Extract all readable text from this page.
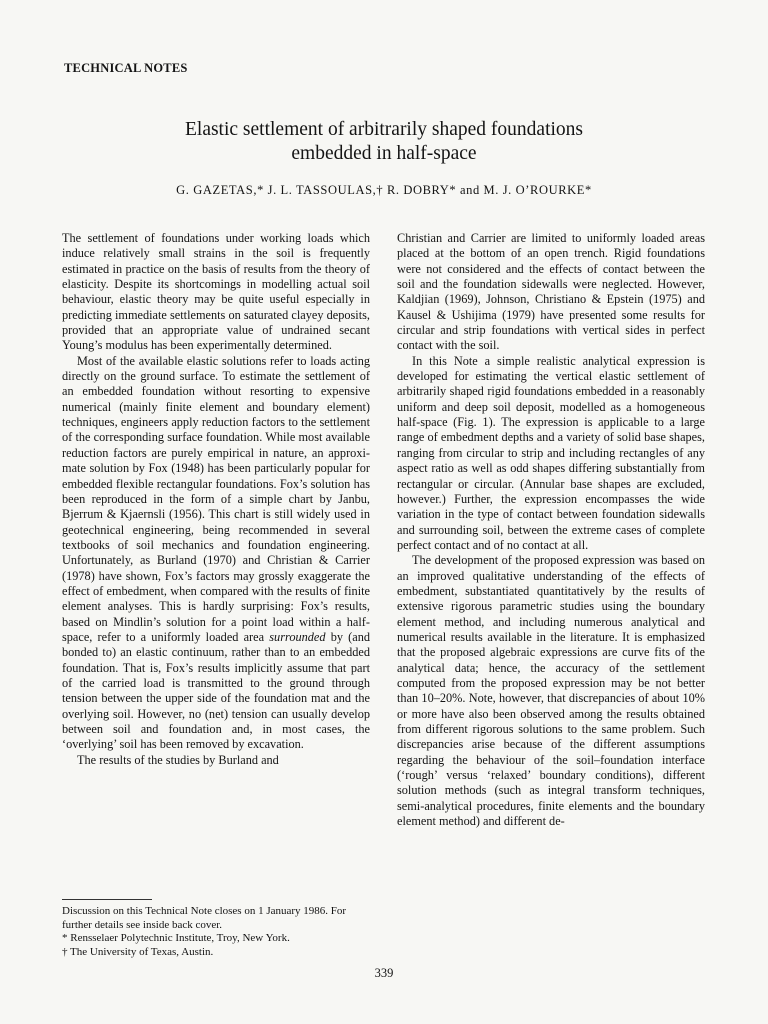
TECHNICAL NOTES
Elastic settlement of arbitrarily shaped foundations
embedded in half-space
G. GAZETAS,* J. L. TASSOULAS,† R. DOBRY* and M. J. O’ROURKE*

The settlement of foundations under working loads which induce relatively small strains in the soil is frequently estimated in practice on the basis of results from the theory of elasticity. Despite its shortcomings in modelling actual soil behaviour, elastic theory may be quite useful especially in predicting immediate settlements on saturated clayey deposits, provided that an appropriate value of undrained secant Young’s modulus has been experimentally determined.

Most of the available elastic solutions refer to loads acting directly on the ground surface. To estimate the settlement of an embedded foundation without resorting to expensive numerical (mainly finite element and boundary element) techniques, engineers apply reduction factors to the settlement of the corresponding surface foundation. While most available reduction factors are purely empirical in nature, an approximate solution by Fox (1948) has been particularly popular for embedded flexible rectangular foundations. Fox’s solution has been reproduced in the form of a simple chart by Janbu, Bjerrum & Kjaernsli (1956). This chart is still widely used in geotechnical engineering, being recommended in several textbooks of soil mechanics and foundation engineering. Unfortunately, as Burland (1970) and Christian & Carrier (1978) have shown, Fox’s factors may grossly exaggerate the effect of embedment, when compared with the results of finite element analyses. This is hardly surprising: Fox’s results, based on Mindlin’s solution for a point load within a half-space, refer to a uniformly loaded area surrounded by (and bonded to) an elastic continuum, rather than to an embedded foundation. That is, Fox’s results implicitly assume that part of the carried load is transmitted to the ground through tension between the upper side of the foundation mat and the overlying soil. However, no (net) tension can usually develop between soil and foundation and, in most cases, the ‘overlying’ soil has been removed by excavation.

The results of the studies by Burland and

Christian and Carrier are limited to uniformly loaded areas placed at the bottom of an open trench. Rigid foundations were not considered and the effects of contact between the soil and the foundation sidewalls were neglected. However, Kaldjian (1969), Johnson, Christiano & Epstein (1975) and Kausel & Ushijima (1979) have presented some results for circular and strip foundations with vertical sides in perfect contact with the soil.

In this Note a simple realistic analytical expression is developed for estimating the vertical elastic settlement of arbitrarily shaped rigid foundations embedded in a reasonably uniform and deep soil deposit, modelled as a homogeneous half-space (Fig. 1). The expression is applicable to a large range of embedment depths and a variety of solid base shapes, ranging from circular to strip and including rectangles of any aspect ratio as well as odd shapes differing substantially from rectangular or circular. (Annular base shapes are excluded, however.) Further, the expression encompasses the wide variation in the type of contact between foundation sidewalls and surrounding soil, between the extreme cases of complete perfect contact and of no contact at all.

The development of the proposed expression was based on an improved qualitative understanding of the effects of embedment, substantiated quantitatively by the results of extensive rigorous parametric studies using the boundary element method, and including numerous analytical and numerical results available in the literature. It is emphasized that the proposed algebraic expressions are curve fits of the analytical data; hence, the accuracy of the settlement computed from the proposed expression may be not better than 10–20%. Note, however, that discrepancies of about 10% or more have also been observed among the results obtained from different rigorous solutions to the same problem. Such discrepancies arise because of the different assumptions regarding the behaviour of the soil–foundation interface (‘rough’ versus ‘relaxed’ boundary conditions), different solution methods (such as integral transform techniques, semi-analytical procedures, finite elements and the boundary element method) and different de-

Discussion on this Technical Note closes on 1 January 1986. For further details see inside back cover.
* Rensselaer Polytechnic Institute, Troy, New York.
† The University of Texas, Austin.
339
